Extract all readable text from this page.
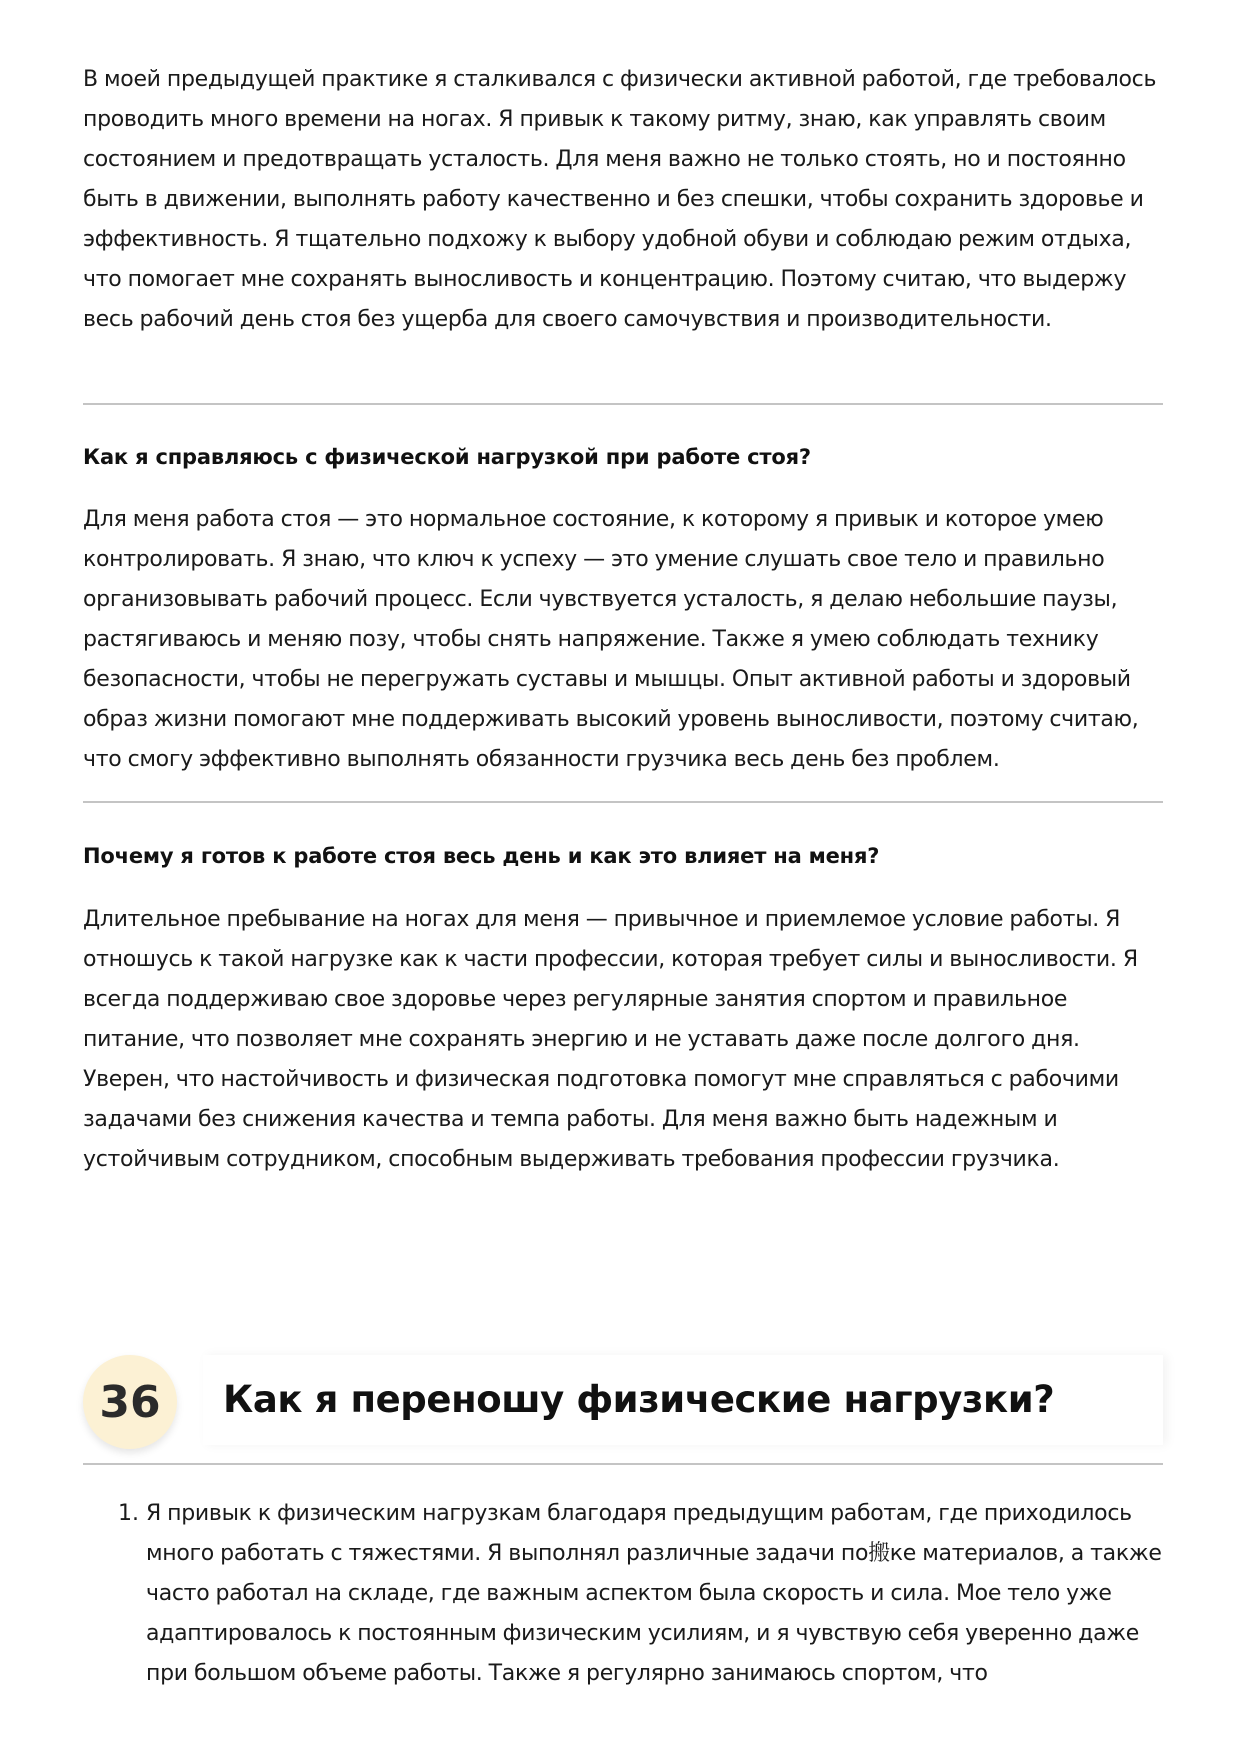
В моей предыдущей практике я сталкивался с физически активной работой, где требовалось проводить много времени на ногах. Я привык к такому ритму, знаю, как управлять своим состоянием и предотвращать усталость. Для меня важно не только стоять, но и постоянно быть в движении, выполнять работу качественно и без спешки, чтобы сохранить здоровье и эффективность. Я тщательно подхожу к выбору удобной обуви и соблюдаю режим отдыха, что помогает мне сохранять выносливость и концентрацию. Поэтому считаю, что выдержу весь рабочий день стоя без ущерба для своего самочувствия и производительности.

Как я справляюсь с физической нагрузкой при работе стоя?

Для меня работа стоя — это нормальное состояние, к которому я привык и которое умею контролировать. Я знаю, что ключ к успеху — это умение слушать свое тело и правильно организовывать рабочий процесс. Если чувствуется усталость, я делаю небольшие паузы, растягиваюсь и меняю позу, чтобы снять напряжение. Также я умею соблюдать технику безопасности, чтобы не перегружать суставы и мышцы. Опыт активной работы и здоровый образ жизни помогают мне поддерживать высокий уровень выносливости, поэтому считаю, что смогу эффективно выполнять обязанности грузчика весь день без проблем.

Почему я готов к работе стоя весь день и как это влияет на меня?

Длительное пребывание на ногах для меня — привычное и приемлемое условие работы. Я отношусь к такой нагрузке как к части профессии, которая требует силы и выносливости. Я всегда поддерживаю свое здоровье через регулярные занятия спортом и правильное питание, что позволяет мне сохранять энергию и не уставать даже после долгого дня. Уверен, что настойчивость и физическая подготовка помогут мне справляться с рабочими задачами без снижения качества и темпа работы. Для меня важно быть надежным и устойчивым сотрудником, способным выдерживать требования профессии грузчика.

36	Как я переношу физические нагрузки?
1. Я привык к физическим нагрузкам благодаря предыдущим работам, где приходилось много работать с тяжестями. Я выполнял различные задачи по搬ке материалов, а также часто работал на складе, где важным аспектом была скорость и сила. Мое тело уже адаптировалось к постоянным физическим усилиям, и я чувствую себя уверенно даже при большом объеме работы. Также я регулярно занимаюсь спортом, что
